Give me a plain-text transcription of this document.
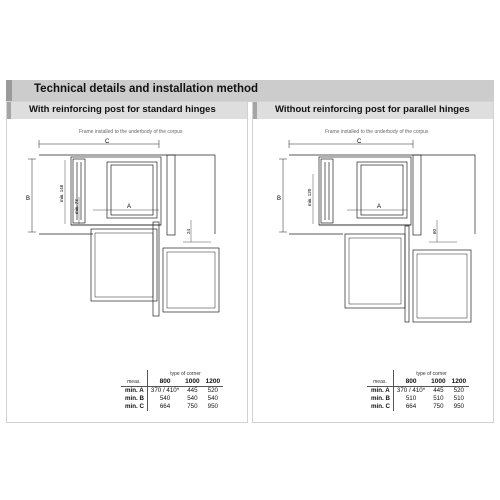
Technical details and installation method
With reinforcing post for standard hinges
Frame installed to the underbody of the corpus
C
B
A
min. 146
min. 73
24
	type of corner		
meas.	800	1000	1200
min. A	370 / 410*	445	520
min. B	540	540	540
min. C	664	750	950
Without reinforcing post for parallel hinges
Frame installed to the underbody of the corpus
C
B
A
min. 120
60
	type of corner		
meas.	800	1000	1200
min. A	370 / 410*	445	520
min. B	510	510	510
min. C	664	750	950
